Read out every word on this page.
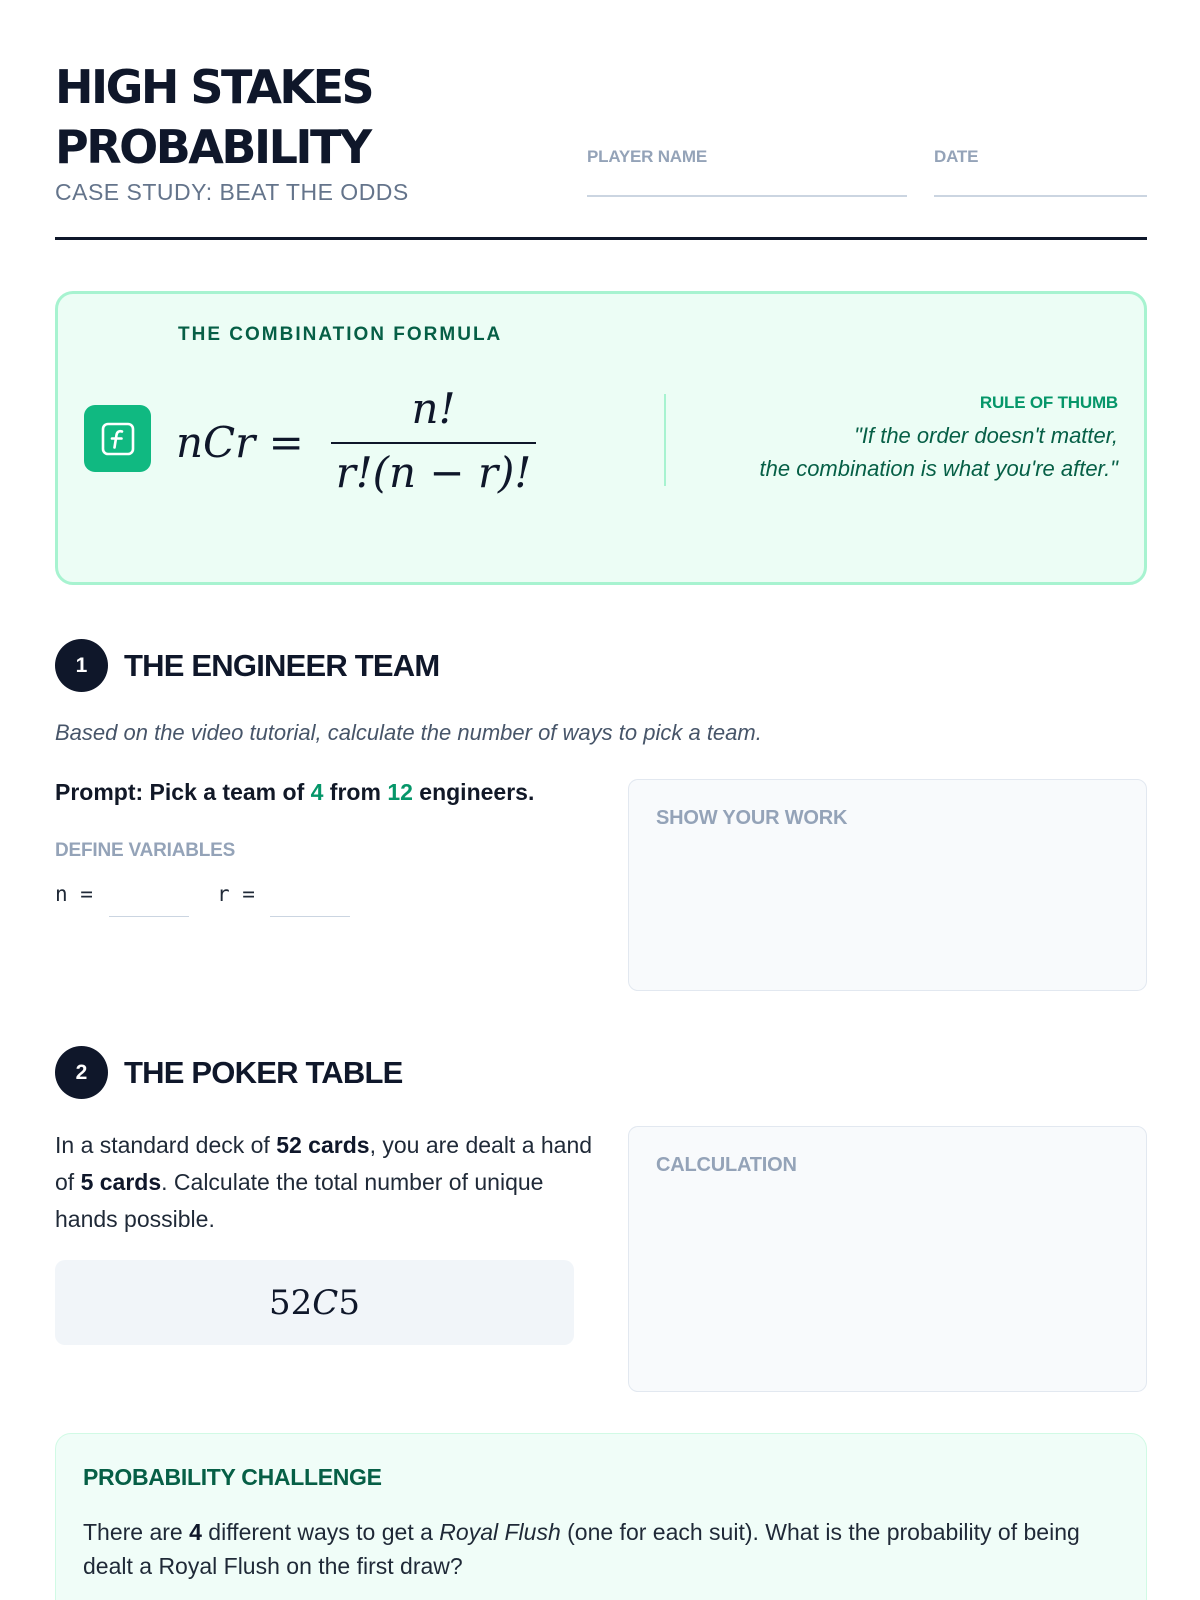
HIGH STAKES
PROBABILITY
CASE STUDY: BEAT THE ODDS
PLAYER NAME	DATE
THE COMBINATION FORMULA
nCr =
n!
r!(n − r)!
RULE OF THUMB
"If the order doesn't matter,
the combination is what you're after."
1	THE ENGINEER TEAM
Based on the video tutorial, calculate the number of ways to pick a team.
Prompt: Pick a team of 4 from 12 engineers.
DEFINE VARIABLES
n =	r =
SHOW YOUR WORK
2	THE POKER TABLE
In a standard deck of 52 cards, you are dealt a hand of 5 cards. Calculate the total number of unique hands possible.
52 C 5
CALCULATION
PROBABILITY CHALLENGE
There are 4 different ways to get a Royal Flush (one for each suit). What is the probability of being dealt a Royal Flush on the first draw?
